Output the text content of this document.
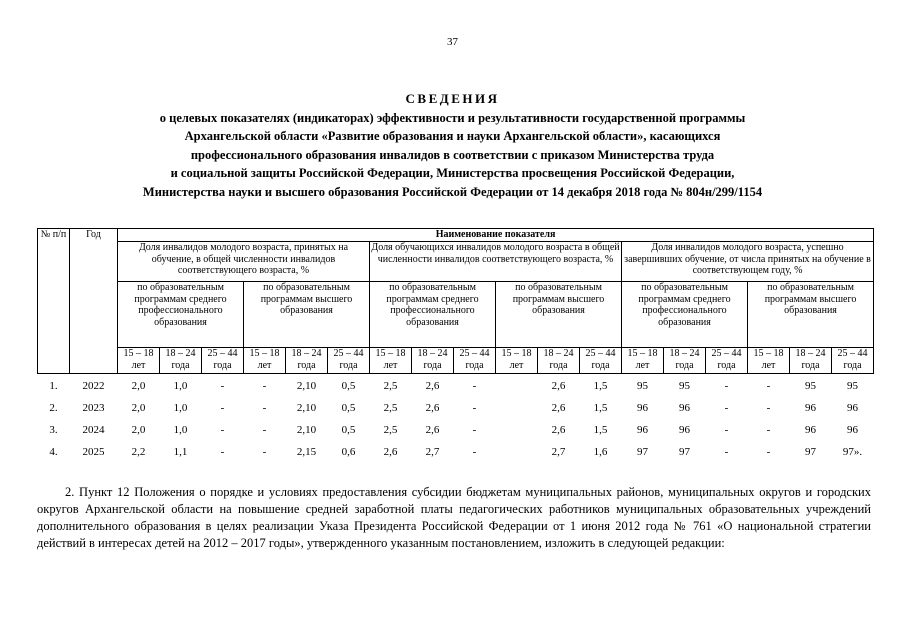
37
СВЕДЕНИЯ
о целевых показателях (индикаторах) эффективности и результативности государственной программы
Архангельской области «Развитие образования и науки Архангельской области», касающихся
профессионального образования инвалидов в соответствии с приказом Министерства труда
и социальной защиты Российской Федерации, Министерства просвещения Российской Федерации,
Министерства науки и высшего образования Российской Федерации от 14 декабря 2018 года № 804н/299/1154
№ п/п	Год	Наименование показателя																	
		Доля инвалидов молодого возраста, принятых на обучение, в общей численности инвалидов соответствующего возраста, %						Доля обучающихся инвалидов молодого возраста в общей численности инвалидов соответствующего возраста, %						Доля инвалидов молодого возраста, успешно завершивших обучение, от числа принятых на обучение в соответствующем году, %					
		по образовательным программам среднего профессионального образования			по образовательным программам высшего образования			по образовательным программам среднего профессионального образования			по образовательным программам высшего образования			по образовательным программам среднего профессионального образования			по образовательным программам высшего образования		
		15 – 18 лет	18 – 24 года	25 – 44 года	15 – 18 лет	18 – 24 года	25 – 44 года	15 – 18 лет	18 – 24 года	25 – 44 года	15 – 18 лет	18 – 24 года	25 – 44 года	15 – 18 лет	18 – 24 года	25 – 44 года	15 – 18 лет	18 – 24 года	25 – 44 года
1.	2022	2,0	1,0	-	-	2,10	0,5	2,5	2,6	-		2,6	1,5	95	95	-	-	95	95
2.	2023	2,0	1,0	-	-	2,10	0,5	2,5	2,6	-		2,6	1,5	96	96	-	-	96	96
3.	2024	2,0	1,0	-	-	2,10	0,5	2,5	2,6	-		2,6	1,5	96	96	-	-	96	96
4.	2025	2,2	1,1	-	-	2,15	0,6	2,6	2,7	-		2,7	1,6	97	97	-	-	97	97».
2. Пункт 12 Положения о порядке и условиях предоставления субсидии бюджетам муниципальных районов, муниципальных округов и городских округов Архангельской области на повышение средней заработной платы педагогических работников муниципальных образовательных учреждений дополнительного образования в целях реализации Указа Президента Российской Федерации от 1 июня 2012 года № 761 «О национальной стратегии действий в интересах детей на 2012 – 2017 годы», утвержденного указанным постановлением, изложить в следующей редакции:
